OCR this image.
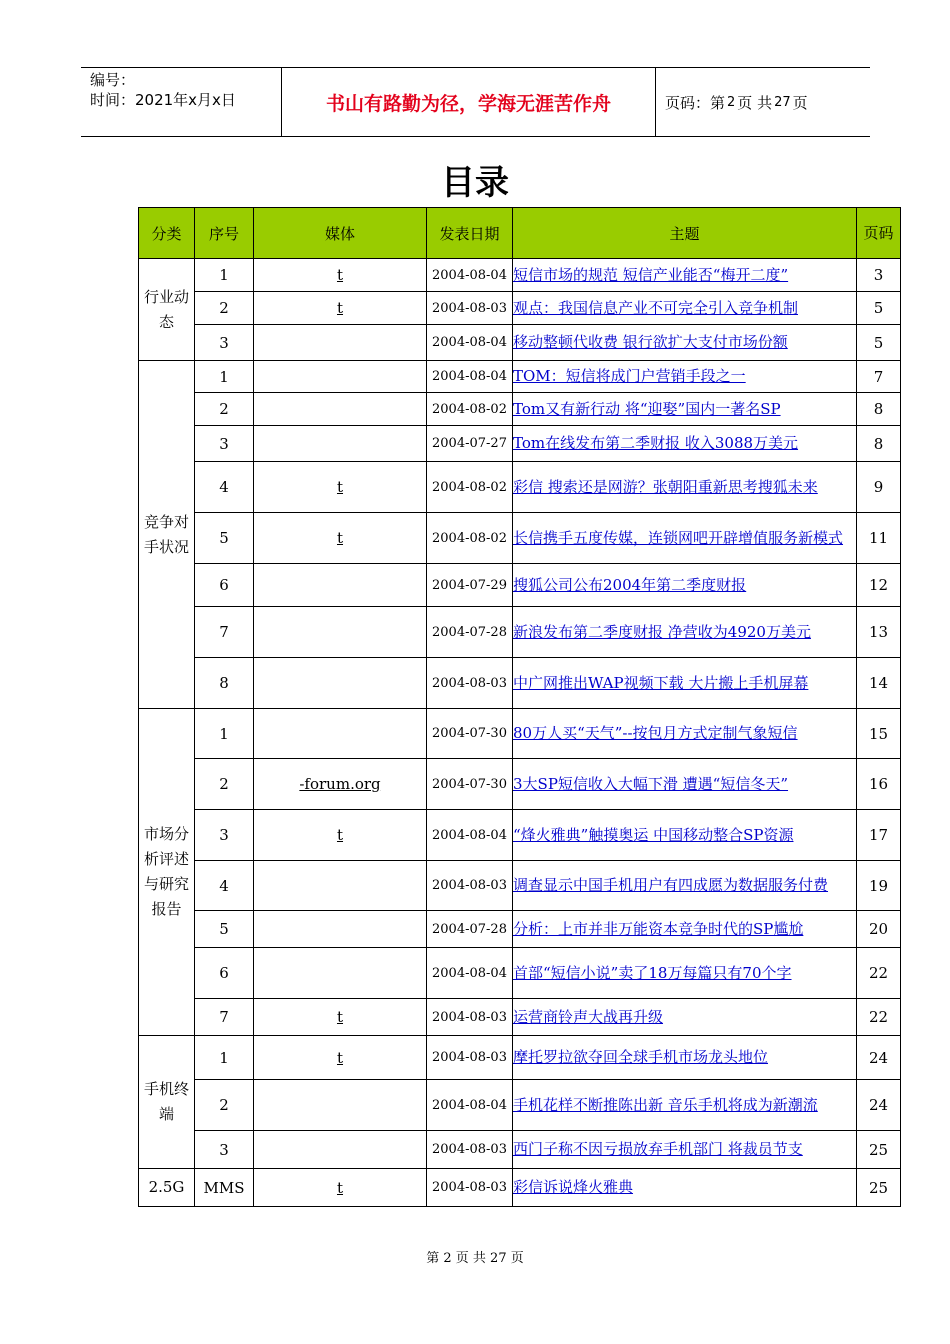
编号：
时间：2021年x月x日	书山有路勤为径，学海无涯苦作舟	页码：第 2 页 共 27 页
目录
分类	序号	媒体	发表日期	主题	页码
行业动态	1	t	2004-08-04	短信市场的规范 短信产业能否“梅开二度”	3
	2	t	2004-08-03	观点：我国信息产业不可完全引入竞争机制	5
	3		2004-08-04	移动整顿代收费 银行欲扩大支付市场份额	5
竞争对手状况	1		2004-08-04	TOM：短信将成门户营销手段之一	7
	2		2004-08-02	Tom又有新行动 将“迎娶”国内一著名SP	8
	3		2004-07-27	Tom在线发布第二季财报 收入3088万美元	8
	4	t	2004-08-02	彩信 搜索还是网游？张朝阳重新思考搜狐未来	9
	5	t	2004-08-02	长信携手五度传媒，连锁网吧开辟增值服务新模式	11
	6		2004-07-29	搜狐公司公布2004年第二季度财报	12
	7		2004-07-28	新浪发布第二季度财报 净营收为4920万美元	13
	8		2004-08-03	中广网推出WAP视频下载 大片搬上手机屏幕	14
市场分析评述与研究报告	1		2004-07-30	80万人买“天气”--按包月方式定制气象短信	15
	2	-forum.org	2004-07-30	3大SP短信收入大幅下滑 遭遇“短信冬天”	16
	3	t	2004-08-04	“烽火雅典”触摸奥运 中国移动整合SP资源	17
	4		2004-08-03	调查显示中国手机用户有四成愿为数据服务付费	19
	5		2004-07-28	分析：上市并非万能资本竞争时代的SP尴尬	20
	6		2004-08-04	首部“短信小说”卖了18万每篇只有70个字	22
	7	t	2004-08-03	运营商铃声大战再升级	22
手机终端	1	t	2004-08-03	摩托罗拉欲夺回全球手机市场龙头地位	24
	2		2004-08-04	手机花样不断推陈出新 音乐手机将成为新潮流	24
	3		2004-08-03	西门子称不因亏损放弃手机部门 将裁员节支	25
2.5G	MMS	t	2004-08-03	彩信诉说烽火雅典	25
第 2 页 共 27 页
